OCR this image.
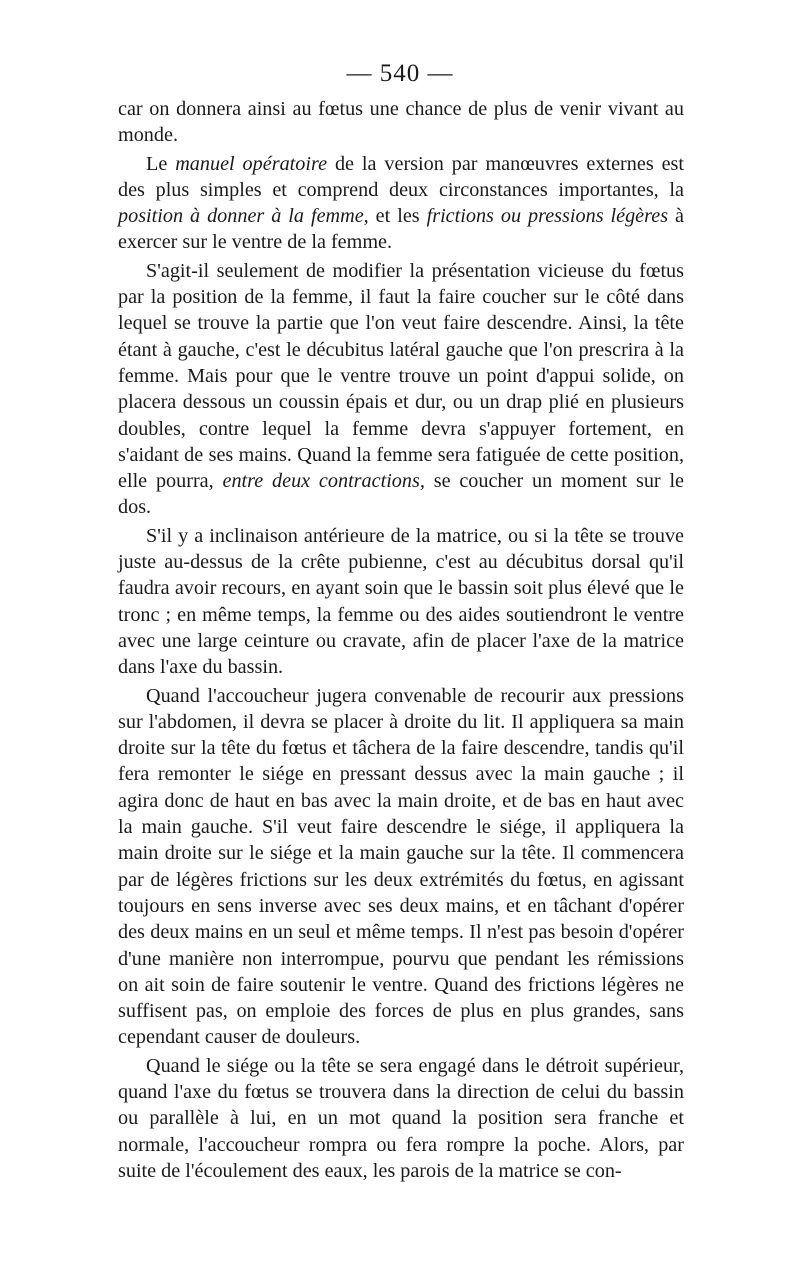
— 540 —

car on donnera ainsi au fœtus une chance de plus de venir vivant au monde.

Le manuel opératoire de la version par manœuvres externes est des plus simples et comprend deux circonstances importantes, la position à donner à la femme, et les frictions ou pressions légères à exercer sur le ventre de la femme.

S'agit-il seulement de modifier la présentation vicieuse du fœtus par la position de la femme, il faut la faire coucher sur le côté dans lequel se trouve la partie que l'on veut faire descendre. Ainsi, la tête étant à gauche, c'est le décubitus latéral gauche que l'on prescrira à la femme. Mais pour que le ventre trouve un point d'appui solide, on placera dessous un coussin épais et dur, ou un drap plié en plusieurs doubles, contre lequel la femme devra s'appuyer fortement, en s'aidant de ses mains. Quand la femme sera fatiguée de cette position, elle pourra, entre deux contractions, se coucher un moment sur le dos.

S'il y a inclinaison antérieure de la matrice, ou si la tête se trouve juste au-dessus de la crête pubienne, c'est au décubitus dorsal qu'il faudra avoir recours, en ayant soin que le bassin soit plus élevé que le tronc ; en même temps, la femme ou des aides soutiendront le ventre avec une large ceinture ou cravate, afin de placer l'axe de la matrice dans l'axe du bassin.

Quand l'accoucheur jugera convenable de recourir aux pressions sur l'abdomen, il devra se placer à droite du lit. Il appliquera sa main droite sur la tête du fœtus et tâchera de la faire descendre, tandis qu'il fera remonter le siége en pressant dessus avec la main gauche ; il agira donc de haut en bas avec la main droite, et de bas en haut avec la main gauche. S'il veut faire descendre le siége, il appliquera la main droite sur le siége et la main gauche sur la tête. Il commencera par de légères frictions sur les deux extrémités du fœtus, en agissant toujours en sens inverse avec ses deux mains, et en tâchant d'opérer des deux mains en un seul et même temps. Il n'est pas besoin d'opérer d'une manière non interrompue, pourvu que pendant les rémissions on ait soin de faire soutenir le ventre. Quand des frictions légères ne suffisent pas, on emploie des forces de plus en plus grandes, sans cependant causer de douleurs.

Quand le siége ou la tête se sera engagé dans le détroit supérieur, quand l'axe du fœtus se trouvera dans la direction de celui du bassin ou parallèle à lui, en un mot quand la position sera franche et normale, l'accoucheur rompra ou fera rompre la poche. Alors, par suite de l'écoulement des eaux, les parois de la matrice se con-
